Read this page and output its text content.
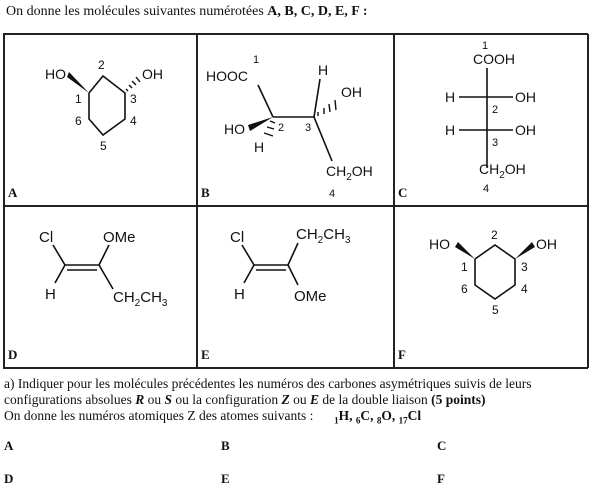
On donne les molécules suivantes numérotées A, B, C, D, E, F :
HO	OH
1
2
3
4
5
6
A
HOOC
1
H
OH
HO
H
2 3
$CH_2OH$
4
B
1
COOH
H	OH
2
H	OH
3
$CH_2OH$
4
C
Cl	OMe
H	$CH_2CH_3$
D
Cl	$CH_2CH_3$
H	OMe
E
HO	OH
1
2
3
4
5
6
F
a) Indiquer pour les molécules précédentes les numéros des carbones asymétriques suivis de leurs
configurations absolues R ou S ou la configuration Z ou E de la double liaison (5 points)
On donne les numéros atomiques Z des atomes suivants : $_1$H, $_6$C, $_8$O, $_{17}$Cl
A	B	C
D	E	F
